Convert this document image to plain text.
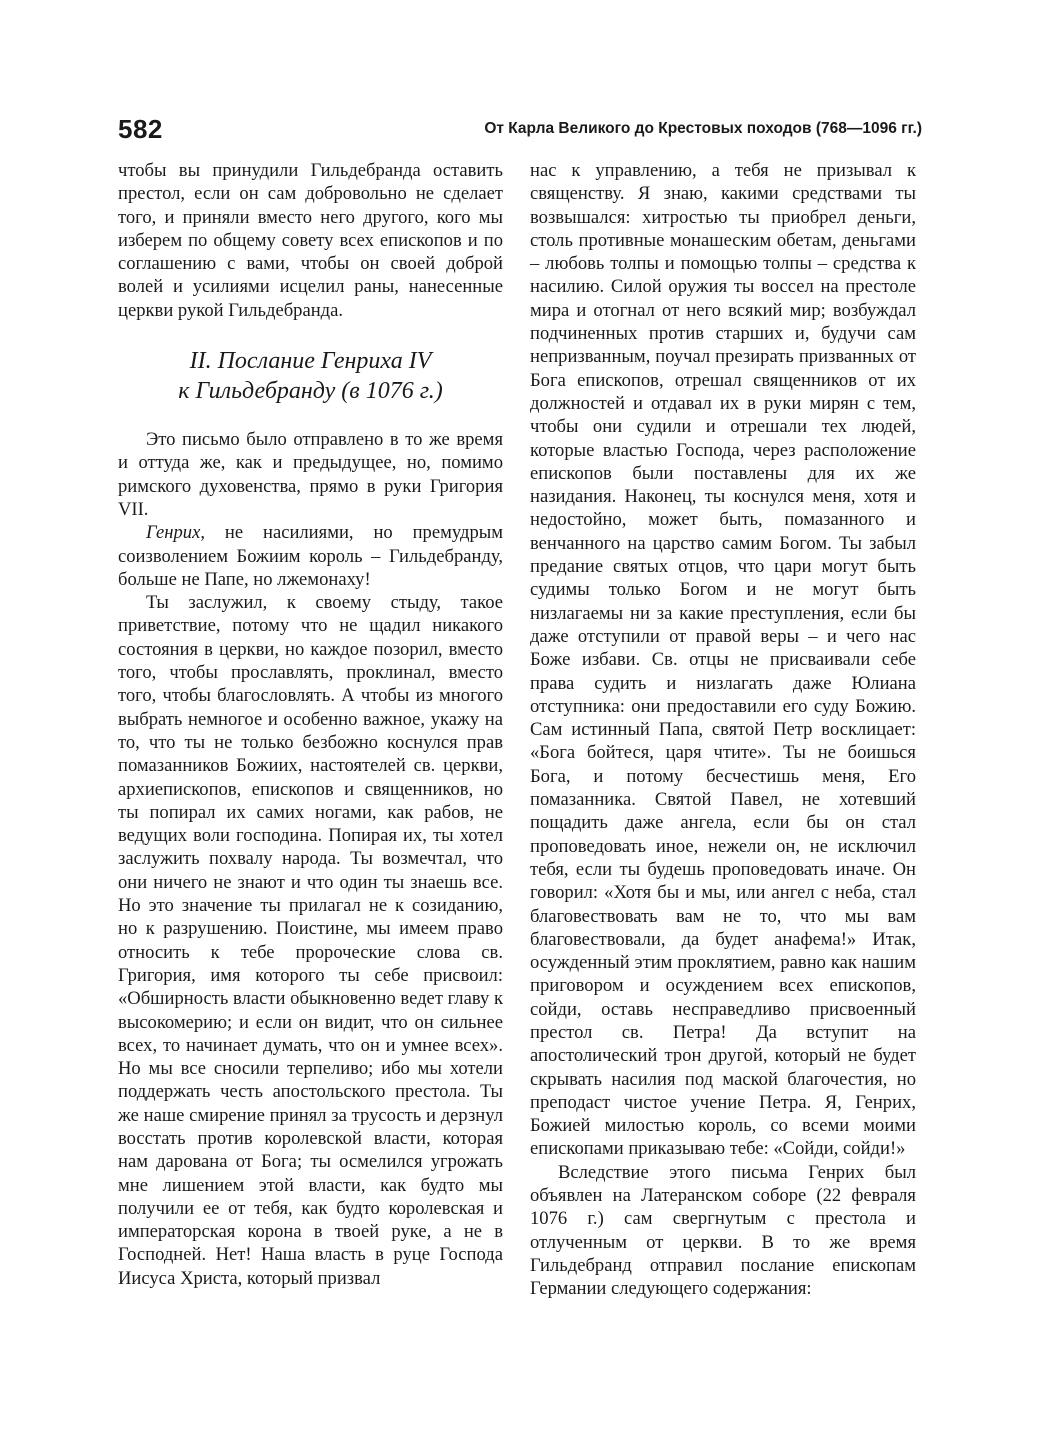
582	От Карла Великого до Крестовых походов (768—1096 гг.)

чтобы вы принудили Гильдебранда оставить престол, если он сам добровольно не сделает того, и приняли вместо него другого, кого мы изберем по общему совету всех епископов и по соглашению с вами, чтобы он своей доброй волей и усилиями исцелил раны, нанесенные церкви рукой Гильдебранда.

II. Послание Генриха IV
к Гильдебранду (в 1076 г.)

Это письмо было отправлено в то же время и оттуда же, как и предыдущее, но, помимо римского духовенства, прямо в руки Григория VII.

Генрих, не насилиями, но премудрым соизволением Божиим король – Гильдебранду, больше не Папе, но лжемонаху!

Ты заслужил, к своему стыду, такое приветствие, потому что не щадил никакого состояния в церкви, но каждое позорил, вместо того, чтобы прославлять, проклинал, вместо того, чтобы благословлять. А чтобы из многого выбрать немногое и особенно важное, укажу на то, что ты не только безбожно коснулся прав помазанников Божиих, настоятелей св. церкви, архиепископов, епископов и священников, но ты попирал их самих ногами, как рабов, не ведущих воли господина. Попирая их, ты хотел заслужить похвалу народа. Ты возмечтал, что они ничего не знают и что один ты знаешь все. Но это значение ты прилагал не к созиданию, но к разрушению. Поистине, мы имеем право относить к тебе пророческие слова св. Григория, имя которого ты себе присвоил: «Обширность власти обыкновенно ведет главу к высокомерию; и если он видит, что он сильнее всех, то начинает думать, что он и умнее всех». Но мы все сносили терпеливо; ибо мы хотели поддержать честь апостольского престола. Ты же наше смирение принял за трусость и дерзнул восстать против королевской власти, которая нам дарована от Бога; ты осмелился угрожать мне лишением этой власти, как будто мы получили ее от тебя, как будто королевская и императорская корона в твоей руке, а не в Господней. Нет! Наша власть в руце Господа Иисуса Христа, который призвал

нас к управлению, а тебя не призывал к священству. Я знаю, какими средствами ты возвышался: хитростью ты приобрел деньги, столь противные монашеским обетам, деньгами – любовь толпы и помощью толпы – средства к насилию. Силой оружия ты воссел на престоле мира и отогнал от него всякий мир; возбуждал подчиненных против старших и, будучи сам непризванным, поучал презирать призванных от Бога епископов, отрешал священников от их должностей и отдавал их в руки мирян с тем, чтобы они судили и отрешали тех людей, которые властью Господа, через расположение епископов были поставлены для их же назидания. Наконец, ты коснулся меня, хотя и недостойно, может быть, помазанного и венчанного на царство самим Богом. Ты забыл предание святых отцов, что цари могут быть судимы только Богом и не могут быть низлагаемы ни за какие преступления, если бы даже отступили от правой веры – и чего нас Боже избави. Св. отцы не присваивали себе права судить и низлагать даже Юлиана отступника: они предоставили его суду Божию. Сам истинный Папа, святой Петр восклицает: «Бога бойтеся, царя чтите». Ты не боишься Бога, и потому бесчестишь меня, Его помазанника. Святой Павел, не хотевший пощадить даже ангела, если бы он стал проповедовать иное, нежели он, не исключил тебя, если ты будешь проповедовать иначе. Он говорил: «Хотя бы и мы, или ангел с неба, стал благовествовать вам не то, что мы вам благовествовали, да будет анафема!» Итак, осужденный этим проклятием, равно как нашим приговором и осуждением всех епископов, сойди, оставь несправедливо присвоенный престол св. Петра! Да вступит на апостолический трон другой, который не будет скрывать насилия под маской благочестия, но преподаст чистое учение Петра. Я, Генрих, Божией милостью король, со всеми моими епископами приказываю тебе: «Сойди, сойди!»

Вследствие этого письма Генрих был объявлен на Латеранском соборе (22 февраля 1076 г.) сам свергнутым с престола и отлученным от церкви. В то же время Гильдебранд отправил послание епископам Германии следующего содержания:
